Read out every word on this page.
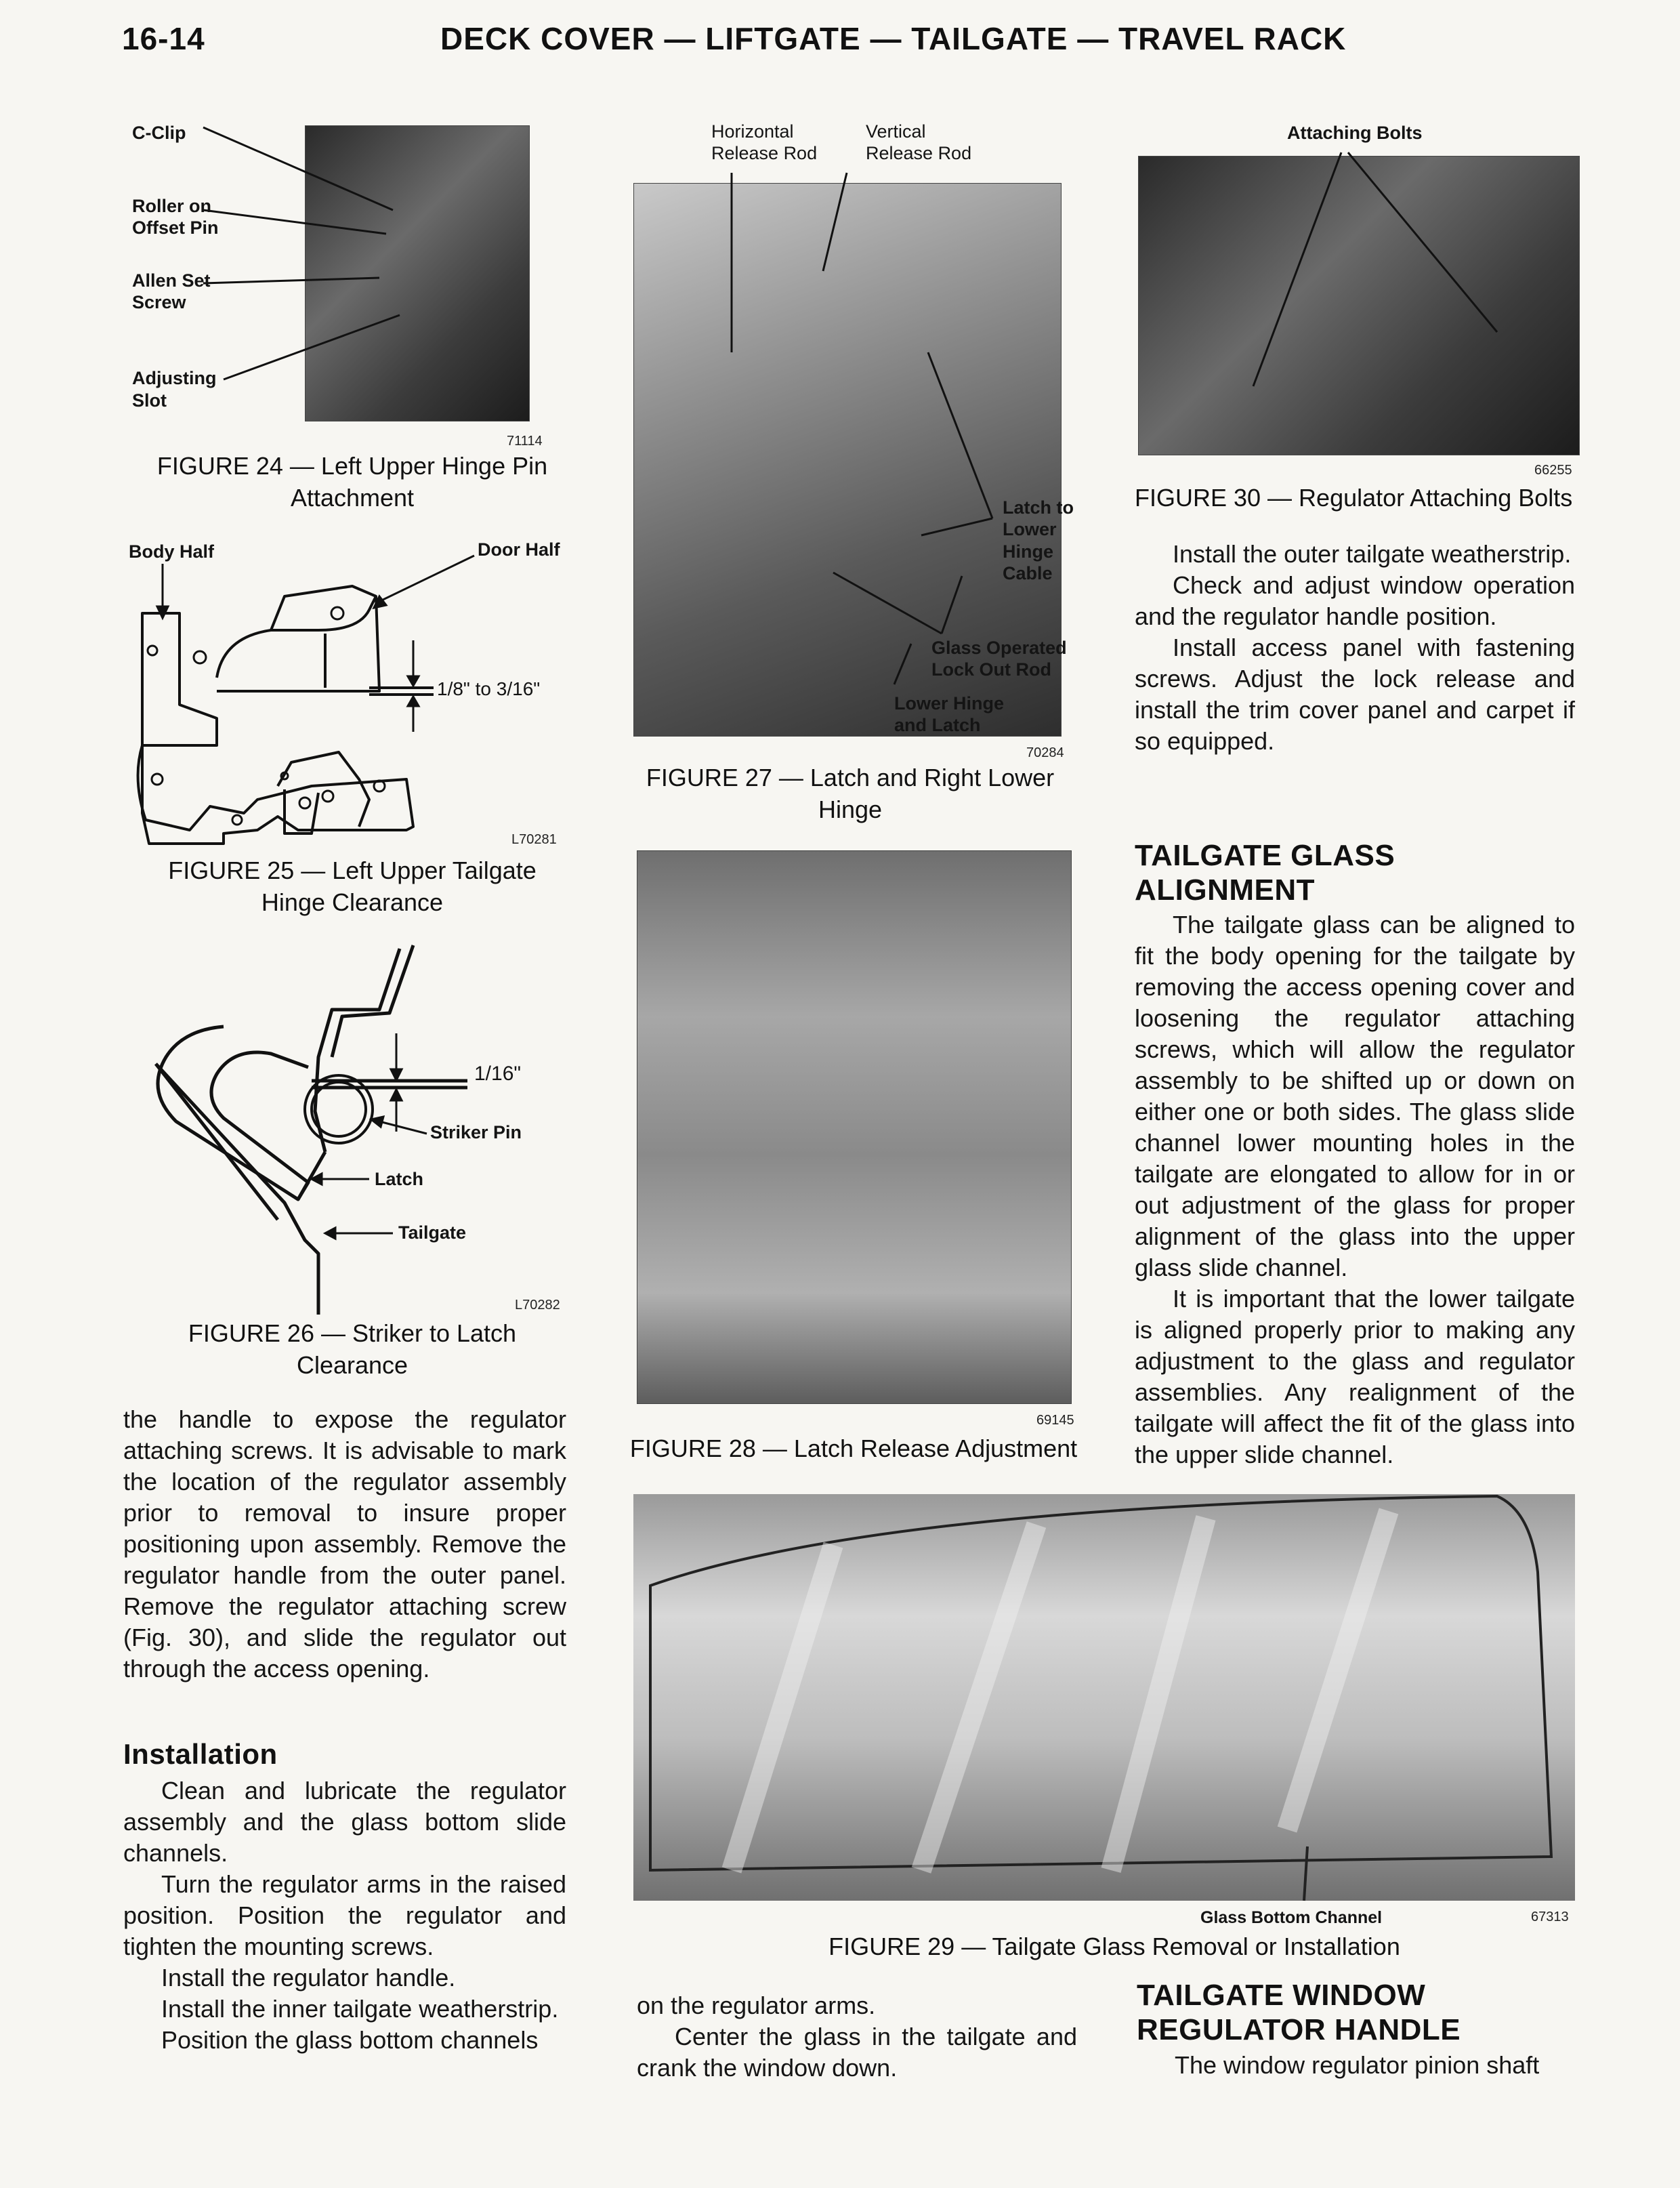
16-14	DECK COVER — LIFTGATE — TAILGATE — TRAVEL RACK
C-Clip
Roller on
Offset Pin
Allen Set
Screw
Adjusting
Slot
71114
FIGURE 24 — Left Upper Hinge Pin
Attachment
Body Half	Door Half
1/8" to 3/16"
L70281
FIGURE 25 — Left Upper Tailgate
Hinge Clearance
1/16"
Striker Pin
Latch
Tailgate
L70282
FIGURE 26 — Striker to Latch
Clearance

the handle to expose the regulator attaching screws. It is advisable to mark the location of the regulator assembly prior to removal to insure proper positioning upon assembly. Remove the regulator handle from the outer panel. Remove the regulator attaching screw (Fig. 30), and slide the regulator out through the access opening.

Installation

Clean and lubricate the regulator assembly and the glass bottom slide channels.

Turn the regulator arms in the raised position. Position the regulator and tighten the mounting screws.

Install the regulator handle.

Install the inner tailgate weatherstrip.

Position the glass bottom channels

Horizontal
Release Rod
Vertical
Release Rod
Latch to
Lower
Hinge
Cable
Glass Operated
Lock Out Rod
Lower Hinge
and Latch
70284
FIGURE 27 — Latch and Right Lower
Hinge
69145
FIGURE 28 — Latch Release Adjustment
Attaching Bolts
66255
FIGURE 30 — Regulator Attaching Bolts

Install the outer tailgate weatherstrip.

Check and adjust window operation and the regulator handle position.

Install access panel with fastening screws. Adjust the lock release and install the trim cover panel and carpet if so equipped.

TAILGATE GLASS
ALIGNMENT

The tailgate glass can be aligned to fit the body opening for the tailgate by removing the access opening cover and loosening the regulator attaching screws, which will allow the regulator assembly to be shifted up or down on either one or both sides. The glass slide channel lower mounting holes in the tailgate are elongated to allow for in or out adjustment of the glass for proper alignment of the glass into the upper glass slide channel.

It is important that the lower tailgate is aligned properly prior to making any adjustment to the glass and regulator assemblies. Any realignment of the tailgate will affect the fit of the glass into the upper slide channel.

Glass Bottom Channel	67313
FIGURE 29 — Tailgate Glass Removal or Installation

on the regulator arms.

Center the glass in the tailgate and crank the window down.

TAILGATE WINDOW
REGULATOR HANDLE

The window regulator pinion shaft
